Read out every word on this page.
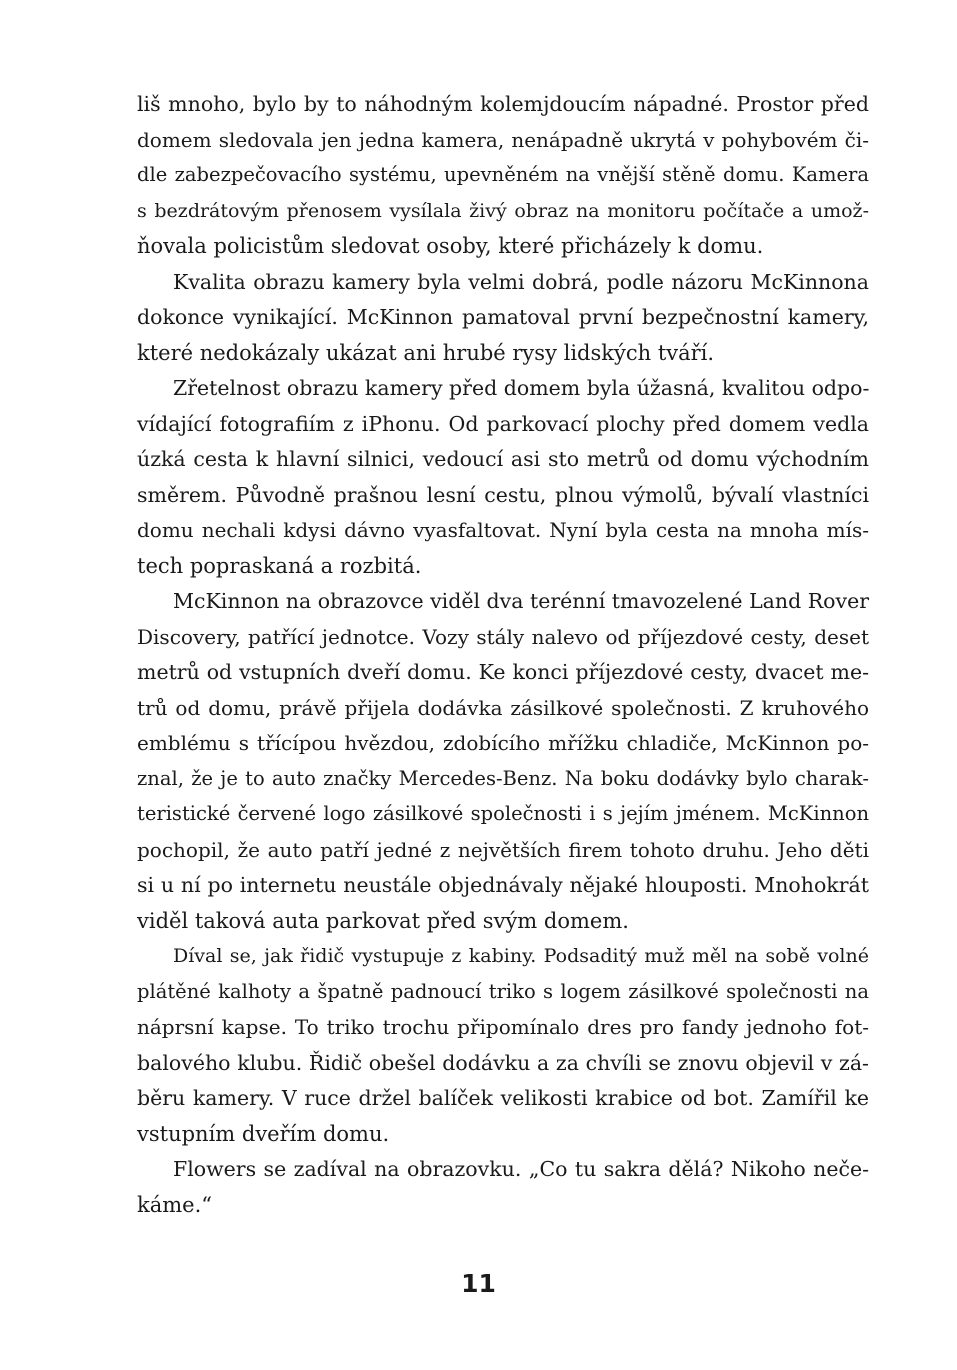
liš mnoho, bylo by to náhodným kolemjdoucím nápadné. Prostor před
domem sledovala jen jedna kamera, nenápadně ukrytá v pohybovém či-
dle zabezpečovacího systému, upevněném na vnější stěně domu. Kamera
s bezdrátovým přenosem vysílala živý obraz na monitoru počítače a umož-
ňovala policistům sledovat osoby, které přicházely k domu.
Kvalita obrazu kamery byla velmi dobrá, podle názoru McKinnona
dokonce vynikající. McKinnon pamatoval první bezpečnostní kamery,
které nedokázaly ukázat ani hrubé rysy lidských tváří.
Zřetelnost obrazu kamery před domem byla úžasná, kvalitou odpo-
vídající fotografiím z iPhonu. Od parkovací plochy před domem vedla
úzká cesta k hlavní silnici, vedoucí asi sto metrů od domu východním
směrem. Původně prašnou lesní cestu, plnou výmolů, bývalí vlastníci
domu nechali kdysi dávno vyasfaltovat. Nyní byla cesta na mnoha mís-
tech popraskaná a rozbitá.
McKinnon na obrazovce viděl dva terénní tmavozelené Land Rover
Discovery, patřící jednotce. Vozy stály nalevo od příjezdové cesty, deset
metrů od vstupních dveří domu. Ke konci příjezdové cesty, dvacet me-
trů od domu, právě přijela dodávka zásilkové společnosti. Z kruhového
emblému s třícípou hvězdou, zdobícího mřížku chladiče, McKinnon po-
znal, že je to auto značky Mercedes-Benz. Na boku dodávky bylo charak-
teristické červené logo zásilkové společnosti i s jejím jménem. McKinnon
pochopil, že auto patří jedné z největších firem tohoto druhu. Jeho děti
si u ní po internetu neustále objednávaly nějaké hlouposti. Mnohokrát
viděl taková auta parkovat před svým domem.
Díval se, jak řidič vystupuje z kabiny. Podsaditý muž měl na sobě volné
plátěné kalhoty a špatně padnoucí triko s logem zásilkové společnosti na
náprsní kapse. To triko trochu připomínalo dres pro fandy jednoho fot-
balového klubu. Řidič obešel dodávku a za chvíli se znovu objevil v zá-
běru kamery. V ruce držel balíček velikosti krabice od bot. Zamířil ke
vstupním dveřím domu.
Flowers se zadíval na obrazovku. „Co tu sakra dělá? Nikoho neče-
káme.“
11
